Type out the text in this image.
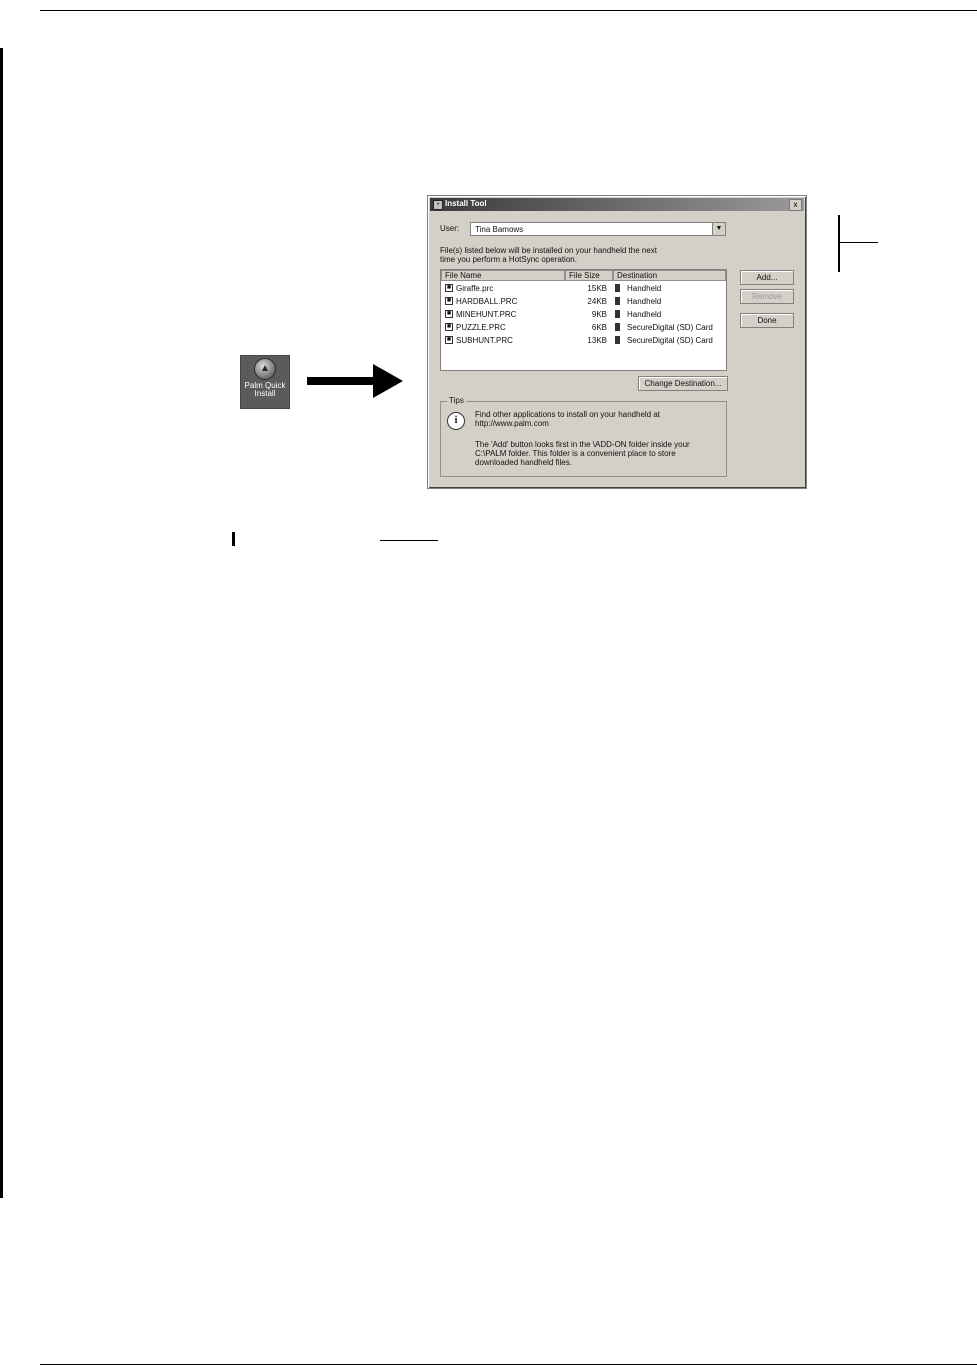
▲
Palm Quick
Install
• Install Tool	x
User: Tina Bamows	▼
File(s) listed below will be installed on your handheld the next
time you perform a HotSync operation.
File Name	File Size	Destination
■ Giraffe.prc	15KB	Handheld
■ HARDBALL.PRC	24KB	Handheld
■ MINEHUNT.PRC	9KB	Handheld
■ PUZZLE.PRC	6KB	SecureDigital (SD) Card
■ SUBHUNT.PRC	13KB	SecureDigital (SD) Card
Add...
Remove
Done
Change Destination...
Tips
i
Find other applications to install on your handheld at
http://www.palm.com
The 'Add' button looks first in the \ADD-ON folder inside your
C:\PALM folder. This folder is a convenient place to store
downloaded handheld files.
